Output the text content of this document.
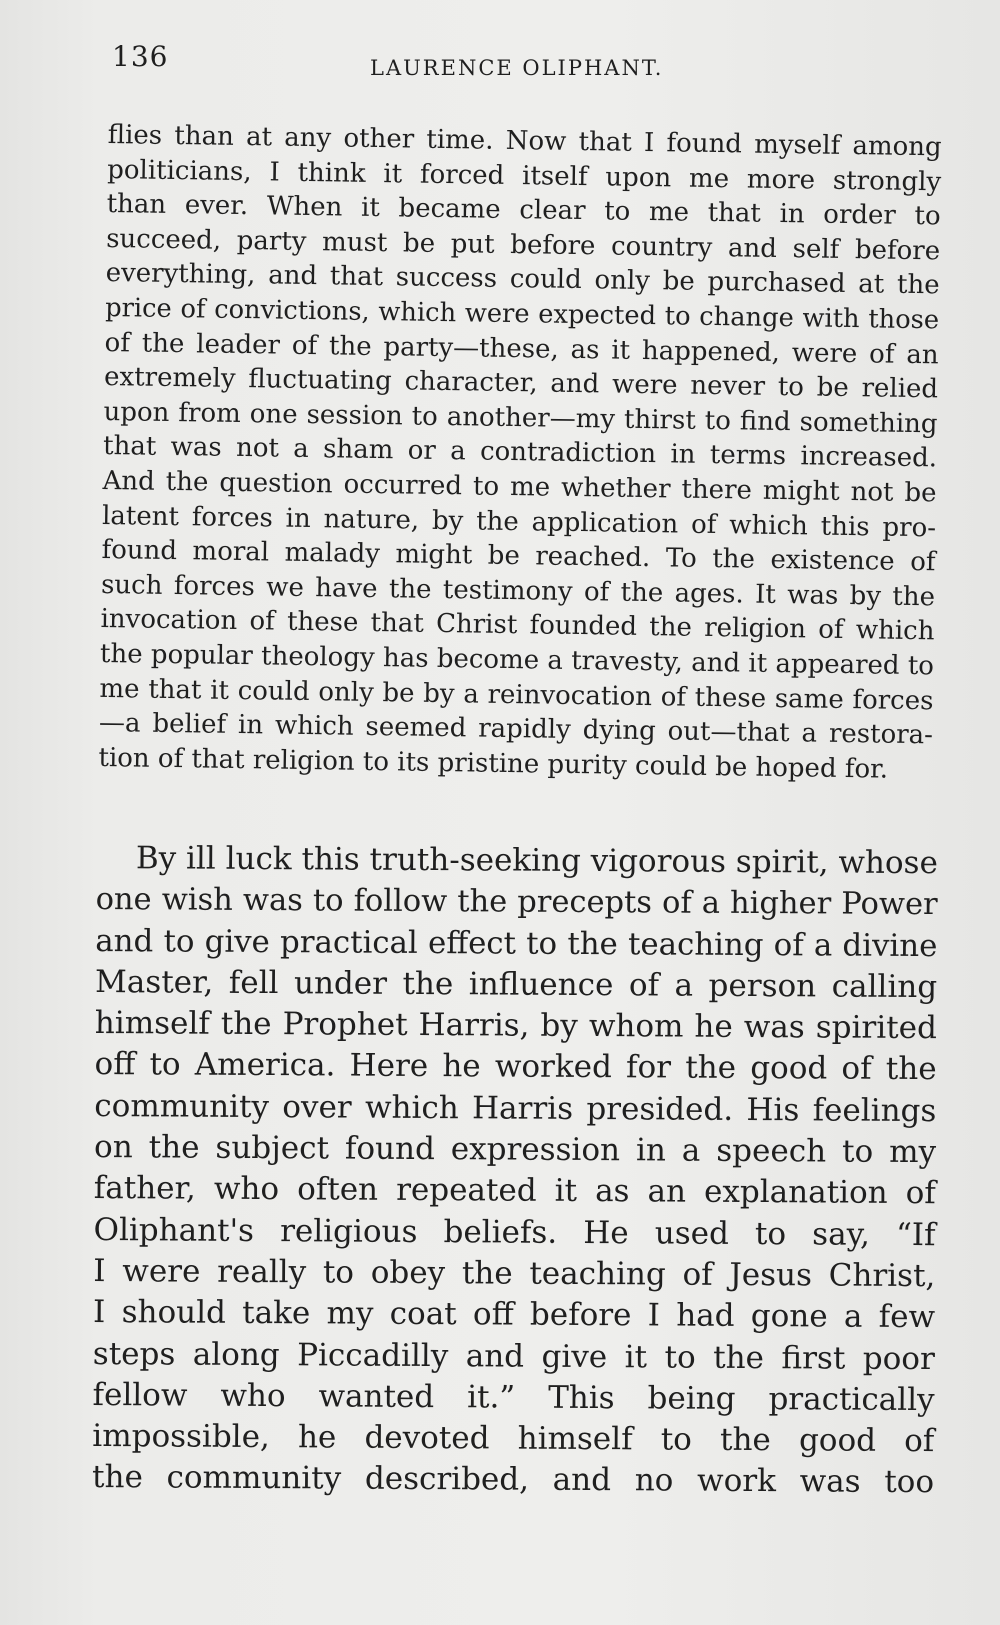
136	LAURENCE OLIPHANT.
flies than at any other time. Now that I found myself among
politicians, I think it forced itself upon me more strongly
than ever. When it became clear to me that in order to
succeed, party must be put before country and self before
everything, and that success could only be purchased at the
price of convictions, which were expected to change with those
of the leader of the party—these, as it happened, were of an
extremely fluctuating character, and were never to be relied
upon from one session to another—my thirst to find something
that was not a sham or a contradiction in terms increased.
And the question occurred to me whether there might not be
latent forces in nature, by the application of which this pro-
found moral malady might be reached. To the existence of
such forces we have the testimony of the ages. It was by the
invocation of these that Christ founded the religion of which
the popular theology has become a travesty, and it appeared to
me that it could only be by a reinvocation of these same forces
—a belief in which seemed rapidly dying out—that a restora-
tion of that religion to its pristine purity could be hoped for.
By ill luck this truth-seeking vigorous spirit, whose
one wish was to follow the precepts of a higher Power
and to give practical effect to the teaching of a divine
Master, fell under the influence of a person calling
himself the Prophet Harris, by whom he was spirited
off to America. Here he worked for the good of the
community over which Harris presided. His feelings
on the subject found expression in a speech to my
father, who often repeated it as an explanation of
Oliphant's religious beliefs. He used to say, “If
I were really to obey the teaching of Jesus Christ,
I should take my coat off before I had gone a few
steps along Piccadilly and give it to the first poor
fellow who wanted it.” This being practically
impossible, he devoted himself to the good of
the community described, and no work was too
